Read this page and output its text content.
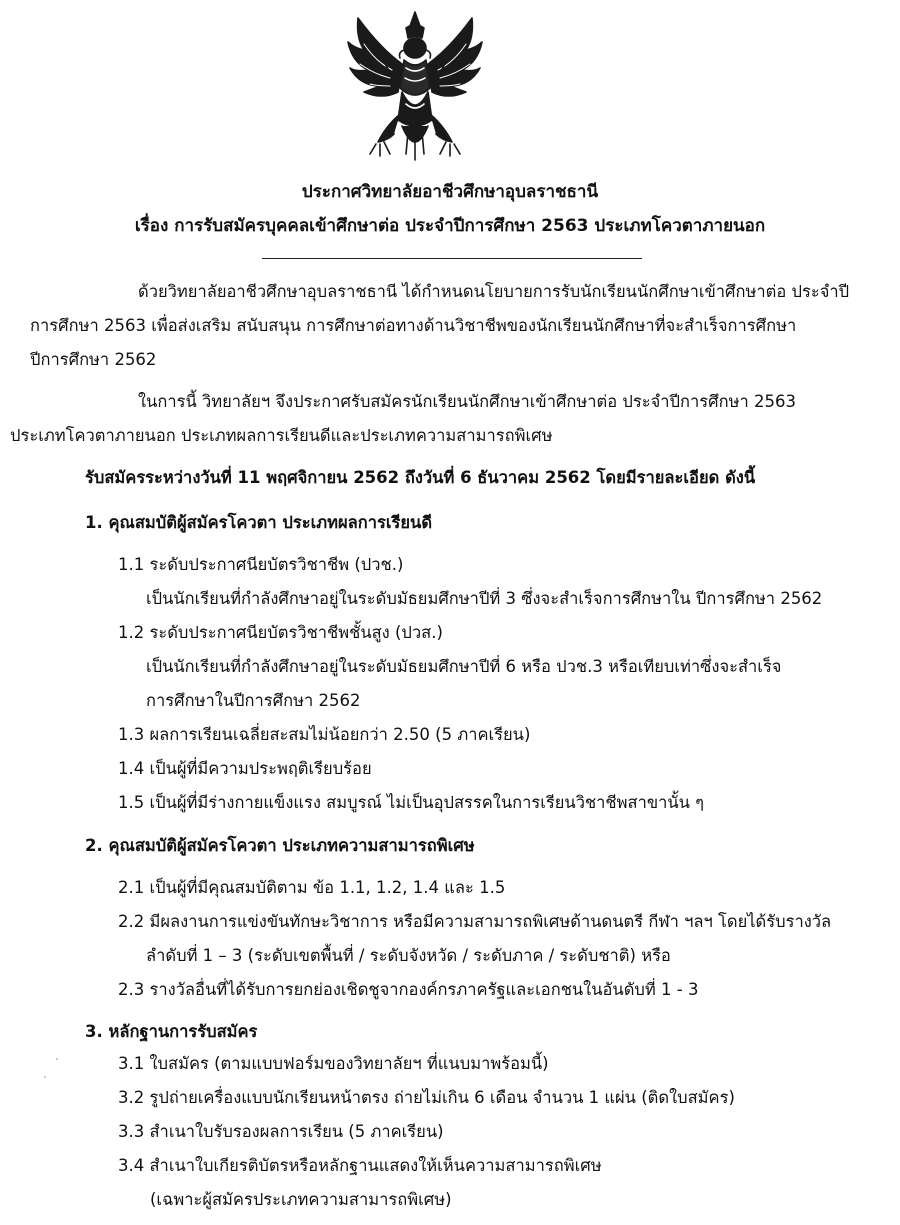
ประกาศวิทยาลัยอาชีวศึกษาอุบลราชธานี
เรื่อง การรับสมัครบุคคลเข้าศึกษาต่อ ประจำปีการศึกษา 2563 ประเภทโควตาภายนอก
ด้วยวิทยาลัยอาชีวศึกษาอุบลราชธานี ได้กำหนดนโยบายการรับนักเรียนนักศึกษาเข้าศึกษาต่อ ประจำปี
การศึกษา 2563 เพื่อส่งเสริม สนับสนุน การศึกษาต่อทางด้านวิชาชีพของนักเรียนนักศึกษาที่จะสำเร็จการศึกษา
ปีการศึกษา 2562
ในการนี้ วิทยาลัยฯ จึงประกาศรับสมัครนักเรียนนักศึกษาเข้าศึกษาต่อ ประจำปีการศึกษา 2563
ประเภทโควตาภายนอก ประเภทผลการเรียนดีและประเภทความสามารถพิเศษ
รับสมัครระหว่างวันที่ 11 พฤศจิกายน 2562 ถึงวันที่ 6 ธันวาคม 2562 โดยมีรายละเอียด ดังนี้
1. คุณสมบัติผู้สมัครโควตา ประเภทผลการเรียนดี
1.1 ระดับประกาศนียบัตรวิชาชีพ (ปวช.)
เป็นนักเรียนที่กำลังศึกษาอยู่ในระดับมัธยมศึกษาปีที่ 3 ซึ่งจะสำเร็จการศึกษาใน ปีการศึกษา 2562
1.2 ระดับประกาศนียบัตรวิชาชีพชั้นสูง (ปวส.)
เป็นนักเรียนที่กำลังศึกษาอยู่ในระดับมัธยมศึกษาปีที่ 6 หรือ ปวช.3 หรือเทียบเท่าซึ่งจะสำเร็จ
การศึกษาในปีการศึกษา 2562
1.3 ผลการเรียนเฉลี่ยสะสมไม่น้อยกว่า 2.50 (5 ภาคเรียน)
1.4 เป็นผู้ที่มีความประพฤติเรียบร้อย
1.5 เป็นผู้ที่มีร่างกายแข็งแรง สมบูรณ์ ไม่เป็นอุปสรรคในการเรียนวิชาชีพสาขานั้น ๆ
2. คุณสมบัติผู้สมัครโควตา ประเภทความสามารถพิเศษ
2.1 เป็นผู้ที่มีคุณสมบัติตาม ข้อ 1.1, 1.2, 1.4 และ 1.5
2.2 มีผลงานการแข่งขันทักษะวิชาการ หรือมีความสามารถพิเศษด้านดนตรี กีฬา ฯลฯ โดยได้รับรางวัล
ลำดับที่ 1 – 3 (ระดับเขตพื้นที่ / ระดับจังหวัด / ระดับภาค / ระดับชาติ) หรือ
2.3 รางวัลอื่นที่ได้รับการยกย่องเชิดชูจากองค์กรภาครัฐและเอกชนในอันดับที่ 1 - 3
3. หลักฐานการรับสมัคร
3.1 ใบสมัคร (ตามแบบฟอร์มของวิทยาลัยฯ ที่แนบมาพร้อมนี้)
3.2 รูปถ่ายเครื่องแบบนักเรียนหน้าตรง ถ่ายไม่เกิน 6 เดือน จำนวน 1 แผ่น (ติดใบสมัคร)
3.3 สำเนาใบรับรองผลการเรียน (5 ภาคเรียน)
3.4 สำเนาใบเกียรติบัตรหรือหลักฐานแสดงให้เห็นความสามารถพิเศษ
(เฉพาะผู้สมัครประเภทความสามารถพิเศษ)
